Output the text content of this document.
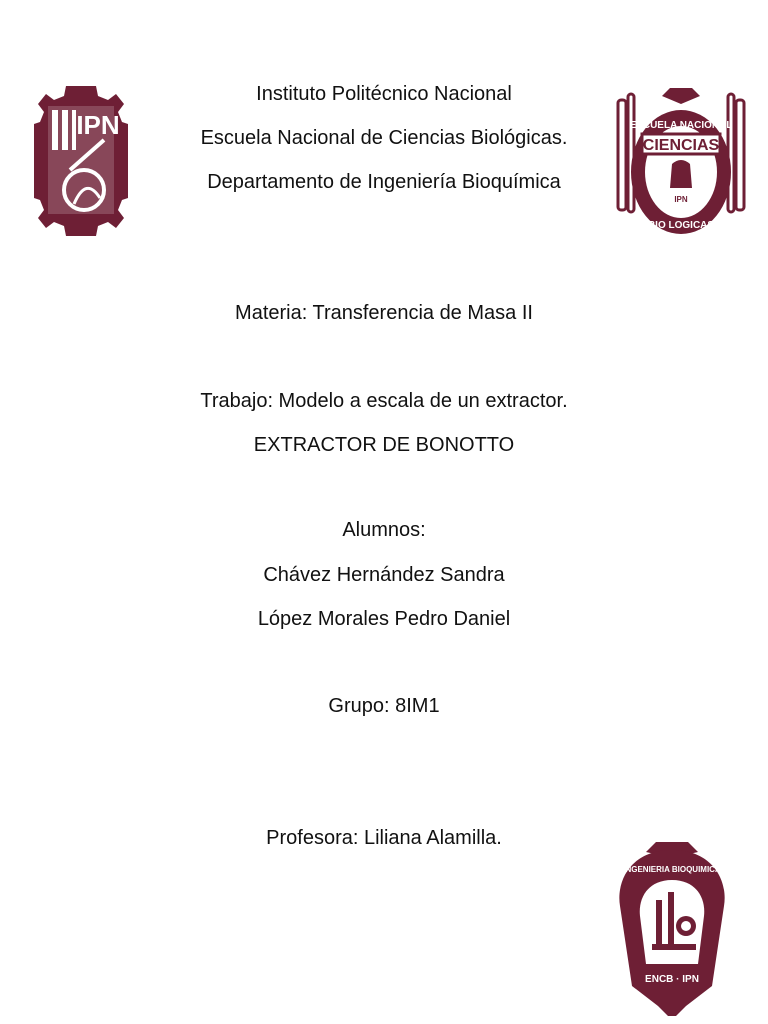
IPN	ESCUELA NACIONAL
CIENCIAS
IPN
BIO LOGICAS
Instituto Politécnico Nacional
Escuela Nacional de Ciencias Biológicas.
Departamento de Ingeniería Bioquímica
Materia: Transferencia de Masa II
Trabajo: Modelo a escala de un extractor.
EXTRACTOR DE BONOTTO
Alumnos:
Chávez Hernández Sandra
López Morales Pedro Daniel
Grupo: 8IM1
Profesora: Liliana Alamilla.
INGENIERIA BIOQUIMICA
ENCB · IPN
